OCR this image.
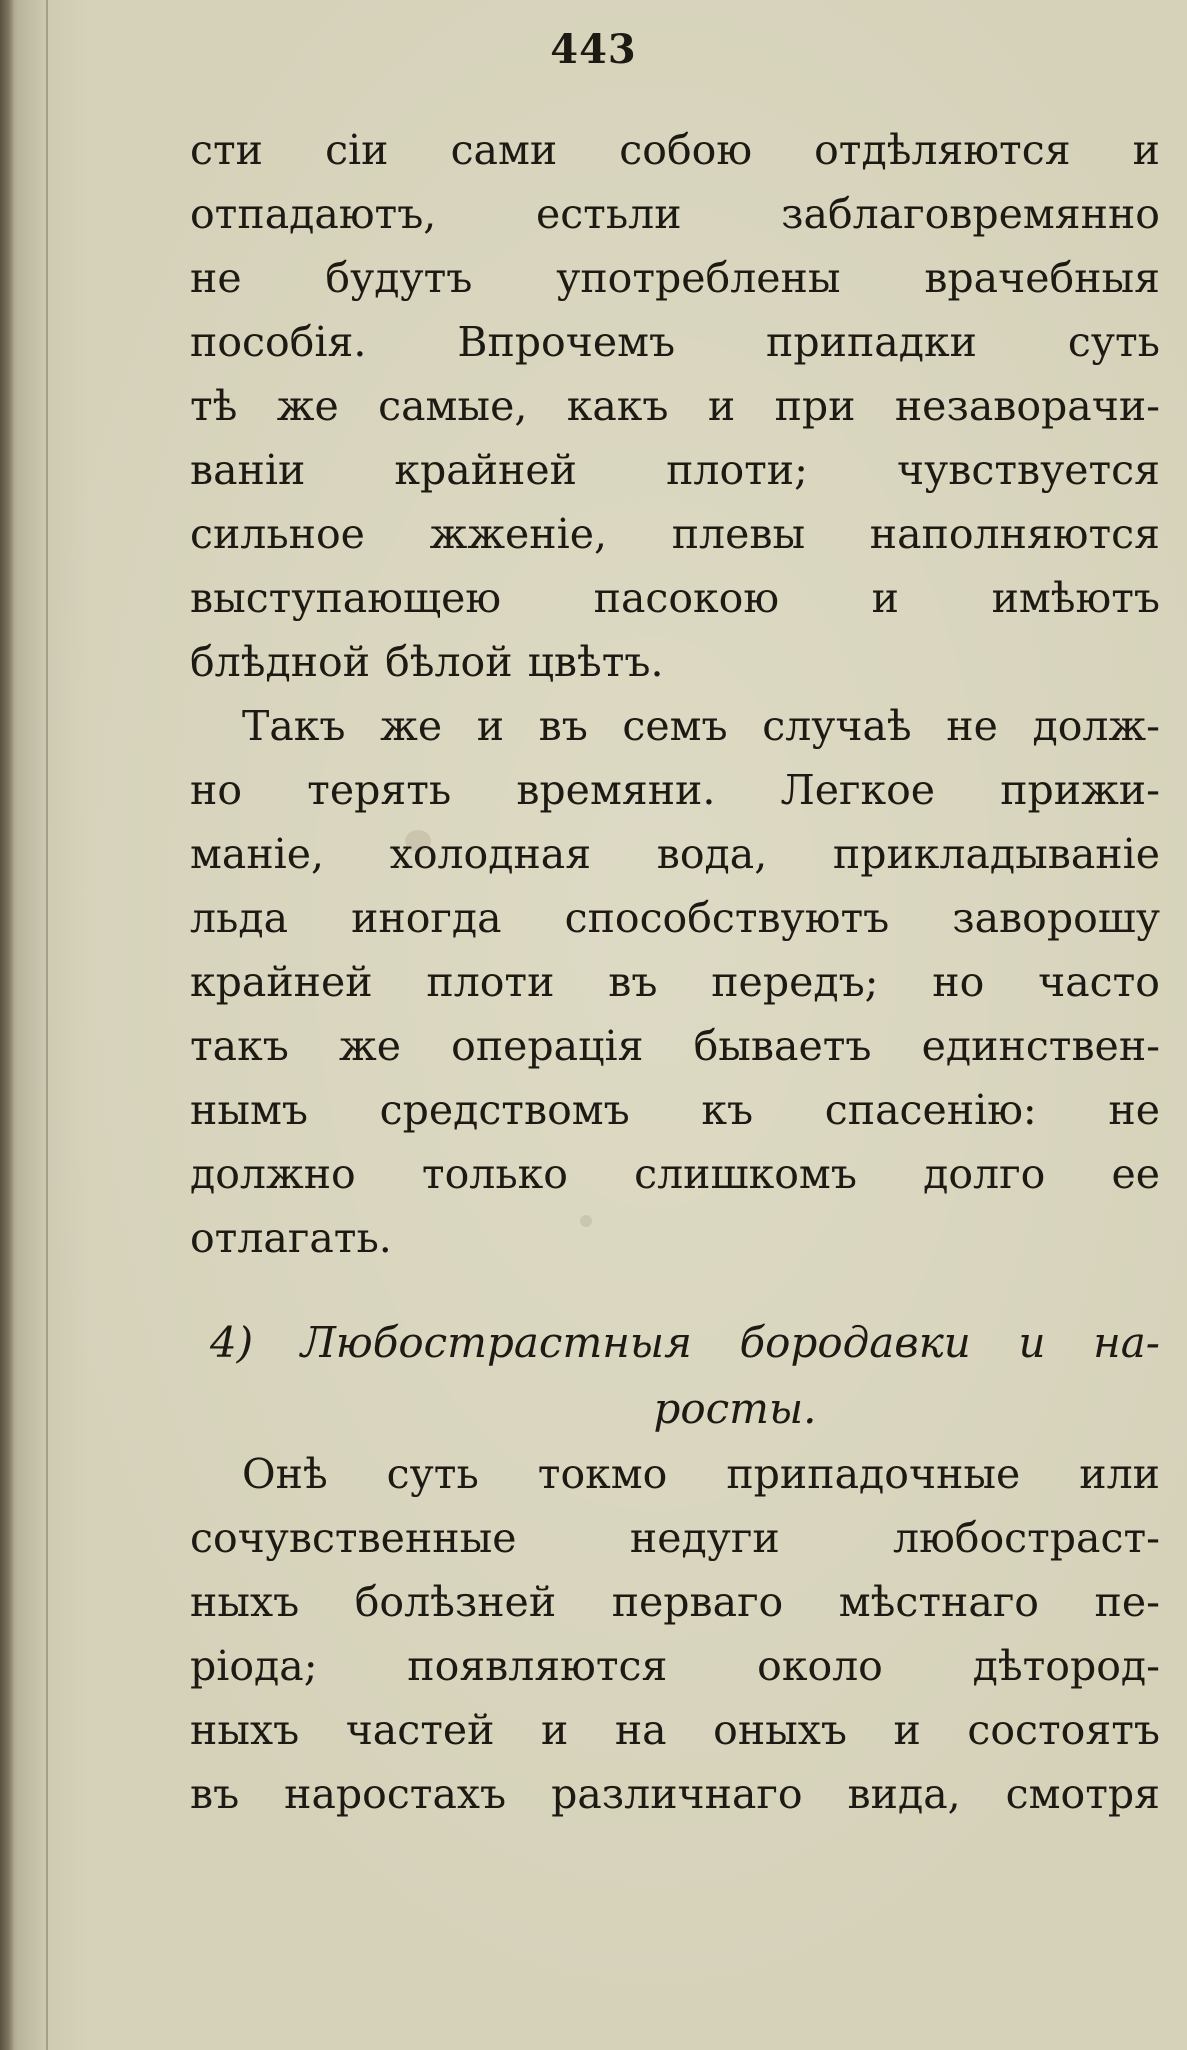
443
сти сіи сами собою отдѣляются и
отпадаютъ, естьли заблаговремянно
не будутъ употреблены врачебныя
пособія. Впрочемъ припадки суть
тѣ же самые, какъ и при незаворачи-
ваніи крайней плоти; чувствуется
сильное жженіе, плевы наполняются
выступающею пасокою и имѣютъ
блѣдной бѣлой цвѣтъ.
Такъ же и въ семъ случаѣ не долж-
но терять времяни. Легкое прижи-
маніе, холодная вода, прикладываніе
льда иногда способствуютъ заворошу
крайней плоти въ передъ; но часто
такъ же операція бываетъ единствен-
нымъ средствомъ къ спасенію: не
должно только слишкомъ долго ее
отлагать.
4) Любострастныя бородавки и на-
росты.
Онѣ суть токмо припадочные или
сочувственные недуги любостраст-
ныхъ болѣзней перваго мѣстнаго пе-
ріода; появляются около дѣтород-
ныхъ частей и на оныхъ и состоятъ
въ наростахъ различнаго вида, смотря
